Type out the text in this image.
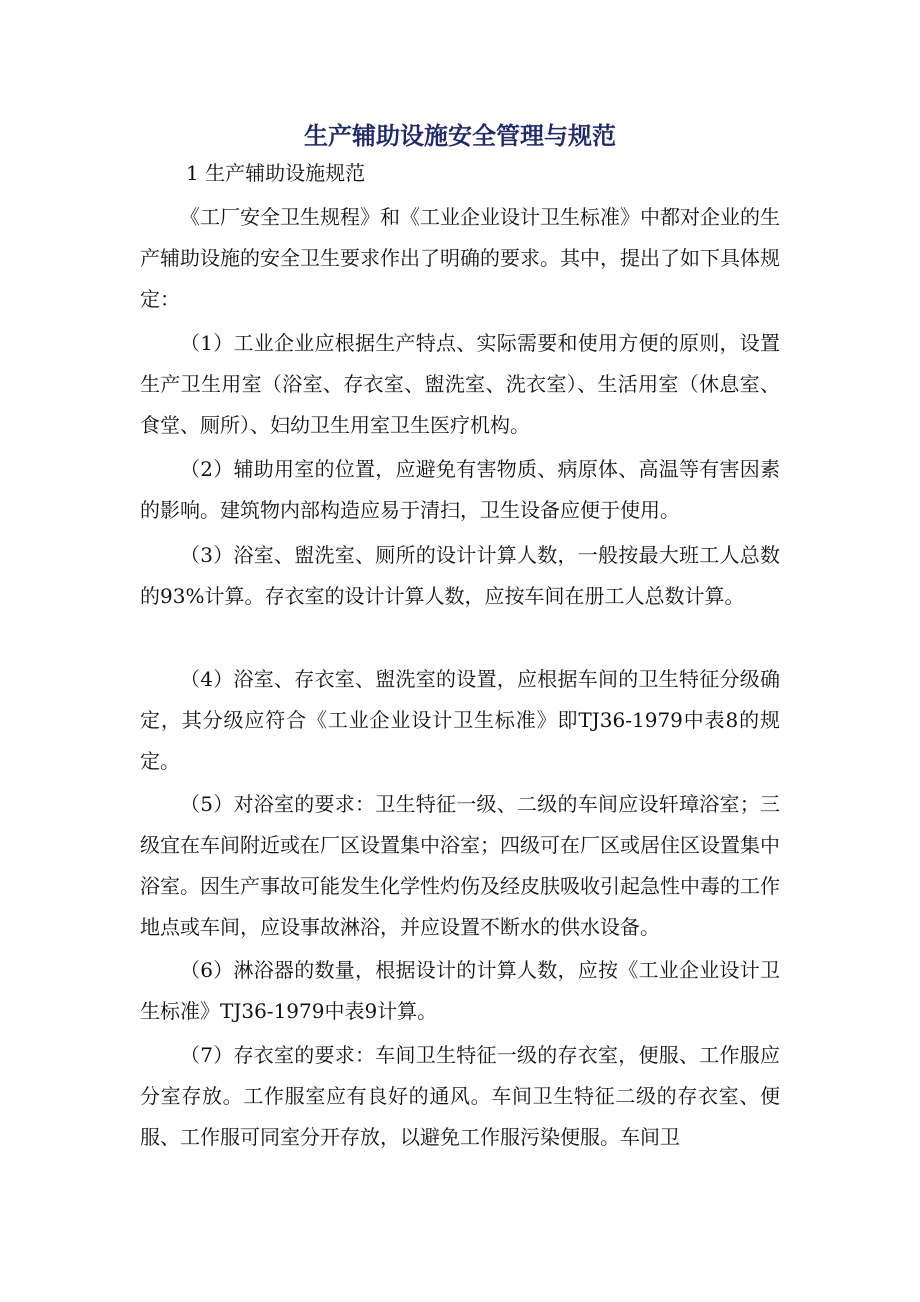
生产辅助设施安全管理与规范
1 生产辅助设施规范

《工厂安全卫生规程》和《工业企业设计卫生标准》中都对企业的生产辅助设施的安全卫生要求作出了明确的要求。其中，提出了如下具体规定：

（1）工业企业应根据生产特点、实际需要和使用方便的原则，设置生产卫生用室（浴室、存衣室、盥洗室、洗衣室）、生活用室（休息室、食堂、厕所）、妇幼卫生用室卫生医疗机构。

（2）辅助用室的位置，应避免有害物质、病原体、高温等有害因素的影响。建筑物内部构造应易于清扫，卫生设备应便于使用。

（3）浴室、盥洗室、厕所的设计计算人数，一般按最大班工人总数的93%计算。存衣室的设计计算人数，应按车间在册工人总数计算。

（4）浴室、存衣室、盥洗室的设置，应根据车间的卫生特征分级确定，其分级应符合《工业企业设计卫生标准》即TJ36-1979中表8的规定。

（5）对浴室的要求：卫生特征一级、二级的车间应设轩璋浴室；三级宜在车间附近或在厂区设置集中浴室；四级可在厂区或居住区设置集中浴室。因生产事故可能发生化学性灼伤及经皮肤吸收引起急性中毒的工作地点或车间，应设事故淋浴，并应设置不断水的供水设备。

（6）淋浴器的数量，根据设计的计算人数，应按《工业企业设计卫生标准》TJ36-1979中表9计算。

（7）存衣室的要求：车间卫生特征一级的存衣室，便服、工作服应分室存放。工作服室应有良好的通风。车间卫生特征二级的存衣室、便服、工作服可同室分开存放，以避免工作服污染便服。车间卫
